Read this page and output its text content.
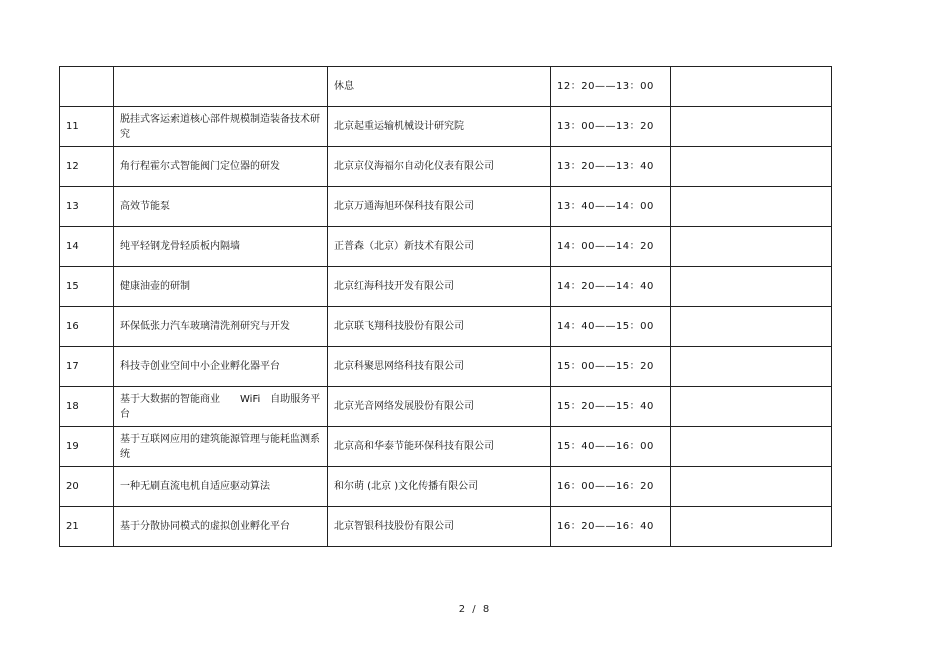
		休息	12：20——13：00	
11	脱挂式客运索道核心部件规模制造装备技术研究	北京起重运输机械设计研究院	13：00——13：20	
12	角行程霍尔式智能阀门定位器的研发	北京京仪海福尔自动化仪表有限公司	13：20——13：40	
13	高效节能泵	北京万通海旭环保科技有限公司	13：40——14：00	
14	纯平轻钢龙骨轻质板内隔墙	正普森（北京）新技术有限公司	14：00——14：20	
15	健康油壶的研制	北京红海科技开发有限公司	14：20——14：40	
16	环保低张力汽车玻璃清洗剂研究与开发	北京联飞翔科技股份有限公司	14：40——15：00	
17	科技寺创业空间中小企业孵化器平台	北京科聚思网络科技有限公司	15：00——15：20	
18	基于大数据的智能商业　　WiFi　自助服务平台	北京光音网络发展股份有限公司	15：20——15：40	
19	基于互联网应用的建筑能源管理与能耗监测系统	北京高和华泰节能环保科技有限公司	15：40——16：00	
20	一种无刷直流电机自适应驱动算法	和尔萌 (北京 )文化传播有限公司	16：00——16：20	
21	基于分散协同模式的虚拟创业孵化平台	北京智银科技股份有限公司	16：20——16：40	
2 / 8
